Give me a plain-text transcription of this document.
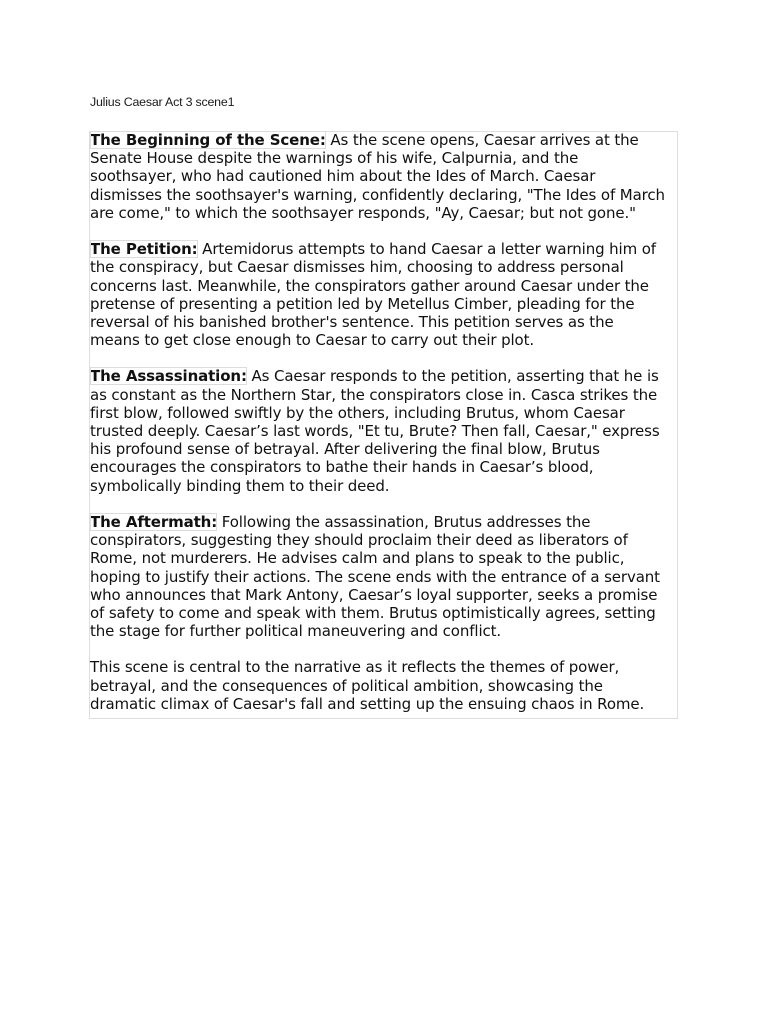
Julius Caesar Act 3 scene1
The Beginning of the Scene: As the scene opens, Caesar arrives at the
Senate House despite the warnings of his wife, Calpurnia, and the
soothsayer, who had cautioned him about the Ides of March. Caesar
dismisses the soothsayer's warning, confidently declaring, "The Ides of March
are come," to which the soothsayer responds, "Ay, Caesar; but not gone."
The Petition: Artemidorus attempts to hand Caesar a letter warning him of
the conspiracy, but Caesar dismisses him, choosing to address personal
concerns last. Meanwhile, the conspirators gather around Caesar under the
pretense of presenting a petition led by Metellus Cimber, pleading for the
reversal of his banished brother's sentence. This petition serves as the
means to get close enough to Caesar to carry out their plot.
The Assassination: As Caesar responds to the petition, asserting that he is
as constant as the Northern Star, the conspirators close in. Casca strikes the
first blow, followed swiftly by the others, including Brutus, whom Caesar
trusted deeply. Caesar’s last words, "Et tu, Brute? Then fall, Caesar," express
his profound sense of betrayal. After delivering the final blow, Brutus
encourages the conspirators to bathe their hands in Caesar’s blood,
symbolically binding them to their deed.
The Aftermath: Following the assassination, Brutus addresses the
conspirators, suggesting they should proclaim their deed as liberators of
Rome, not murderers. He advises calm and plans to speak to the public,
hoping to justify their actions. The scene ends with the entrance of a servant
who announces that Mark Antony, Caesar’s loyal supporter, seeks a promise
of safety to come and speak with them. Brutus optimistically agrees, setting
the stage for further political maneuvering and conflict.
This scene is central to the narrative as it reflects the themes of power,
betrayal, and the consequences of political ambition, showcasing the
dramatic climax of Caesar's fall and setting up the ensuing chaos in Rome.
